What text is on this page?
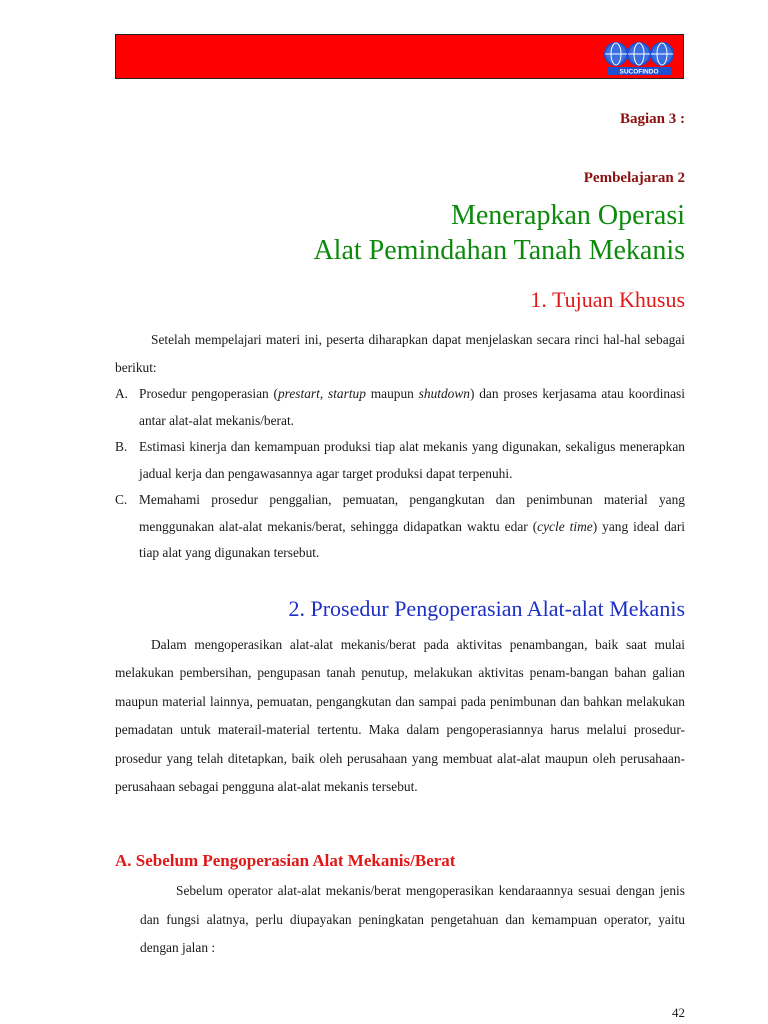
SUCOFINDO

Bagian 3 :

Pembelajaran 2

Menerapkan Operasi

Alat Pemindahan Tanah Mekanis

1. Tujuan Khusus

Setelah mempelajari materi ini, peserta diharapkan dapat menjelaskan secara rinci hal-hal sebagai berikut:

A. Prosedur pengoperasian (prestart, startup maupun shutdown) dan proses kerjasama atau koordinasi antar alat-alat mekanis/berat.
B. Estimasi kinerja dan kemampuan produksi tiap alat mekanis yang digunakan, sekaligus menerapkan jadual kerja dan pengawasannya agar target produksi dapat terpenuhi.
C. Memahami prosedur penggalian, pemuatan, pengangkutan dan penimbunan material yang menggunakan alat-alat mekanis/berat, sehingga didapatkan waktu edar (cycle time) yang ideal dari tiap alat yang digunakan tersebut.

2. Prosedur Pengoperasian Alat-alat Mekanis

Dalam mengoperasikan alat-alat mekanis/berat pada aktivitas penambangan, baik saat mulai melakukan pembersihan, pengupasan tanah penutup, melakukan aktivitas penam-bangan bahan galian maupun material lainnya, pemuatan, pengangkutan dan sampai pada penimbunan dan bahkan melakukan pemadatan untuk materail-material tertentu. Maka dalam pengoperasiannya harus melalui prosedur-prosedur yang telah ditetapkan, baik oleh perusahaan yang membuat alat-alat maupun oleh perusahaan-perusahaan sebagai pengguna alat-alat mekanis tersebut.

A. Sebelum Pengoperasian Alat Mekanis/Berat

Sebelum operator alat-alat mekanis/berat mengoperasikan kendaraannya sesuai dengan jenis dan fungsi alatnya, perlu diupayakan peningkatan pengetahuan dan kemampuan operator, yaitu dengan jalan :

42
